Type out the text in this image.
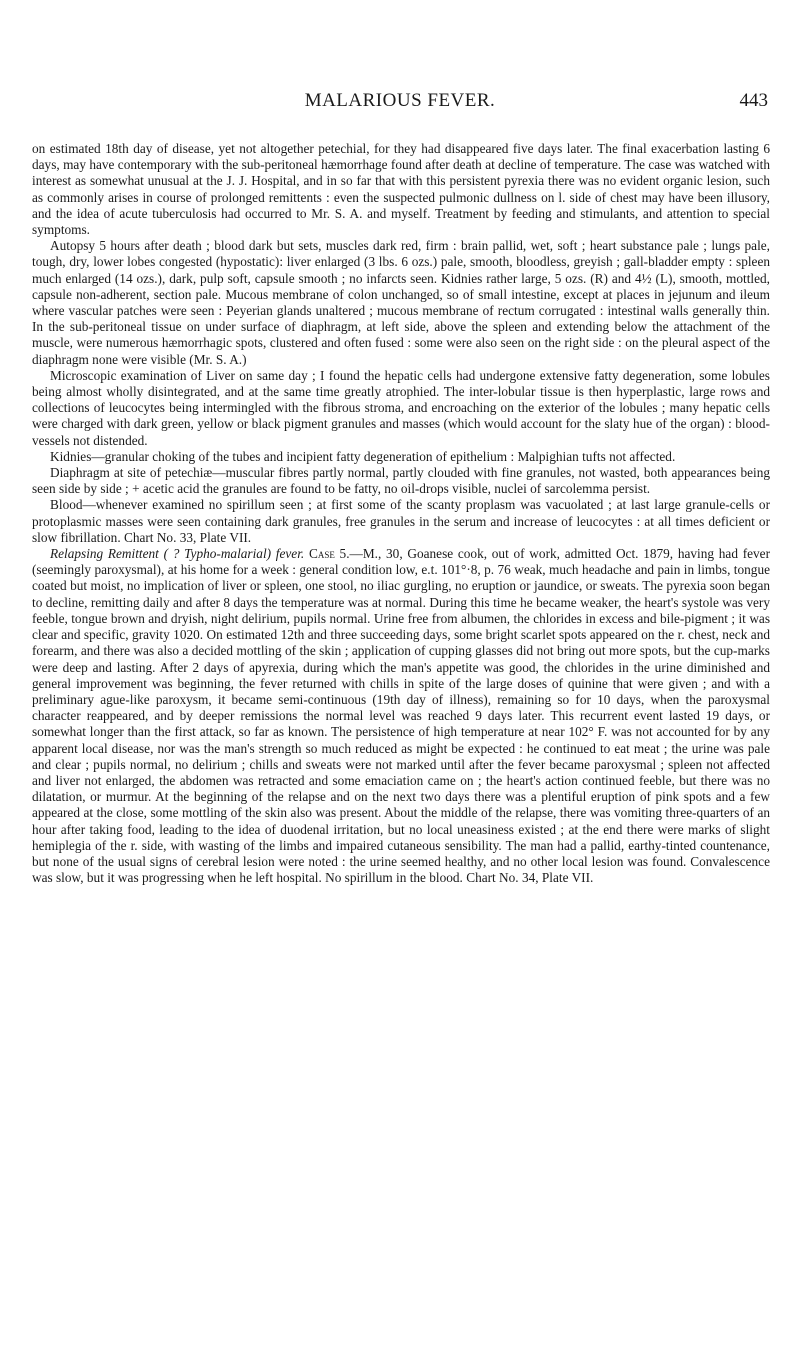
MALARIOUS FEVER.	443

on estimated 18th day of disease, yet not altogether petechial, for they had disappeared five days later. The final exacerbation lasting 6 days, may have contemporary with the sub-peritoneal hæmorrhage found after death at decline of temperature. The case was watched with interest as somewhat unusual at the J. J. Hospital, and in so far that with this persistent pyrexia there was no evident organic lesion, such as commonly arises in course of prolonged remittents : even the suspected pulmonic dullness on l. side of chest may have been illusory, and the idea of acute tuberculosis had occurred to Mr. S. A. and myself. Treatment by feeding and stimulants, and attention to special symptoms.

Autopsy 5 hours after death ; blood dark but sets, muscles dark red, firm : brain pallid, wet, soft ; heart substance pale ; lungs pale, tough, dry, lower lobes congested (hypostatic): liver enlarged (3 lbs. 6 ozs.) pale, smooth, bloodless, greyish ; gall-bladder empty : spleen much enlarged (14 ozs.), dark, pulp soft, capsule smooth ; no infarcts seen. Kidnies rather large, 5 ozs. (R) and 4½ (L), smooth, mottled, capsule non-adherent, section pale. Mucous membrane of colon unchanged, so of small intestine, except at places in jejunum and ileum where vascular patches were seen : Peyerian glands unaltered ; mucous membrane of rectum corrugated : intestinal walls generally thin. In the sub-peritoneal tissue on under surface of diaphragm, at left side, above the spleen and extending below the attachment of the muscle, were numerous hæmorrhagic spots, clustered and often fused : some were also seen on the right side : on the pleural aspect of the diaphragm none were visible (Mr. S. A.)

Microscopic examination of Liver on same day ; I found the hepatic cells had undergone extensive fatty degeneration, some lobules being almost wholly disintegrated, and at the same time greatly atrophied. The inter-lobular tissue is then hyperplastic, large rows and collections of leucocytes being intermingled with the fibrous stroma, and encroaching on the exterior of the lobules ; many hepatic cells were charged with dark green, yellow or black pigment granules and masses (which would account for the slaty hue of the organ) : blood-vessels not distended.

Kidnies—granular choking of the tubes and incipient fatty degeneration of epithelium : Malpighian tufts not affected.

Diaphragm at site of petechiæ—muscular fibres partly normal, partly clouded with fine granules, not wasted, both appearances being seen side by side ; + acetic acid the granules are found to be fatty, no oil-drops visible, nuclei of sarcolemma persist.

Blood—whenever examined no spirillum seen ; at first some of the scanty proplasm was vacuolated ; at last large granule-cells or protoplasmic masses were seen containing dark granules, free granules in the serum and increase of leucocytes : at all times deficient or slow fibrillation. Chart No. 33, Plate VII.

Relapsing Remittent ( ? Typho-malarial) fever. Case 5.—M., 30, Goanese cook, out of work, admitted Oct. 1879, having had fever (seemingly paroxysmal), at his home for a week : general condition low, e.t. 101°·8, p. 76 weak, much headache and pain in limbs, tongue coated but moist, no implication of liver or spleen, one stool, no iliac gurgling, no eruption or jaundice, or sweats. The pyrexia soon began to decline, remitting daily and after 8 days the temperature was at normal. During this time he became weaker, the heart's systole was very feeble, tongue brown and dryish, night delirium, pupils normal. Urine free from albumen, the chlorides in excess and bile-pigment ; it was clear and specific, gravity 1020. On estimated 12th and three succeeding days, some bright scarlet spots appeared on the r. chest, neck and forearm, and there was also a decided mottling of the skin ; application of cupping glasses did not bring out more spots, but the cup-marks were deep and lasting. After 2 days of apyrexia, during which the man's appetite was good, the chlorides in the urine diminished and general improvement was beginning, the fever returned with chills in spite of the large doses of quinine that were given ; and with a preliminary ague-like paroxysm, it became semi-continuous (19th day of illness), remaining so for 10 days, when the paroxysmal character reappeared, and by deeper remissions the normal level was reached 9 days later. This recurrent event lasted 19 days, or somewhat longer than the first attack, so far as known. The persistence of high temperature at near 102° F. was not accounted for by any apparent local disease, nor was the man's strength so much reduced as might be expected : he continued to eat meat ; the urine was pale and clear ; pupils normal, no delirium ; chills and sweats were not marked until after the fever became paroxysmal ; spleen not affected and liver not enlarged, the abdomen was retracted and some emaciation came on ; the heart's action continued feeble, but there was no dilatation, or murmur. At the beginning of the relapse and on the next two days there was a plentiful eruption of pink spots and a few appeared at the close, some mottling of the skin also was present. About the middle of the relapse, there was vomiting three-quarters of an hour after taking food, leading to the idea of duodenal irritation, but no local uneasiness existed ; at the end there were marks of slight hemiplegia of the r. side, with wasting of the limbs and impaired cutaneous sensibility. The man had a pallid, earthy-tinted countenance, but none of the usual signs of cerebral lesion were noted : the urine seemed healthy, and no other local lesion was found. Convalescence was slow, but it was progressing when he left hospital. No spirillum in the blood. Chart No. 34, Plate VII.
